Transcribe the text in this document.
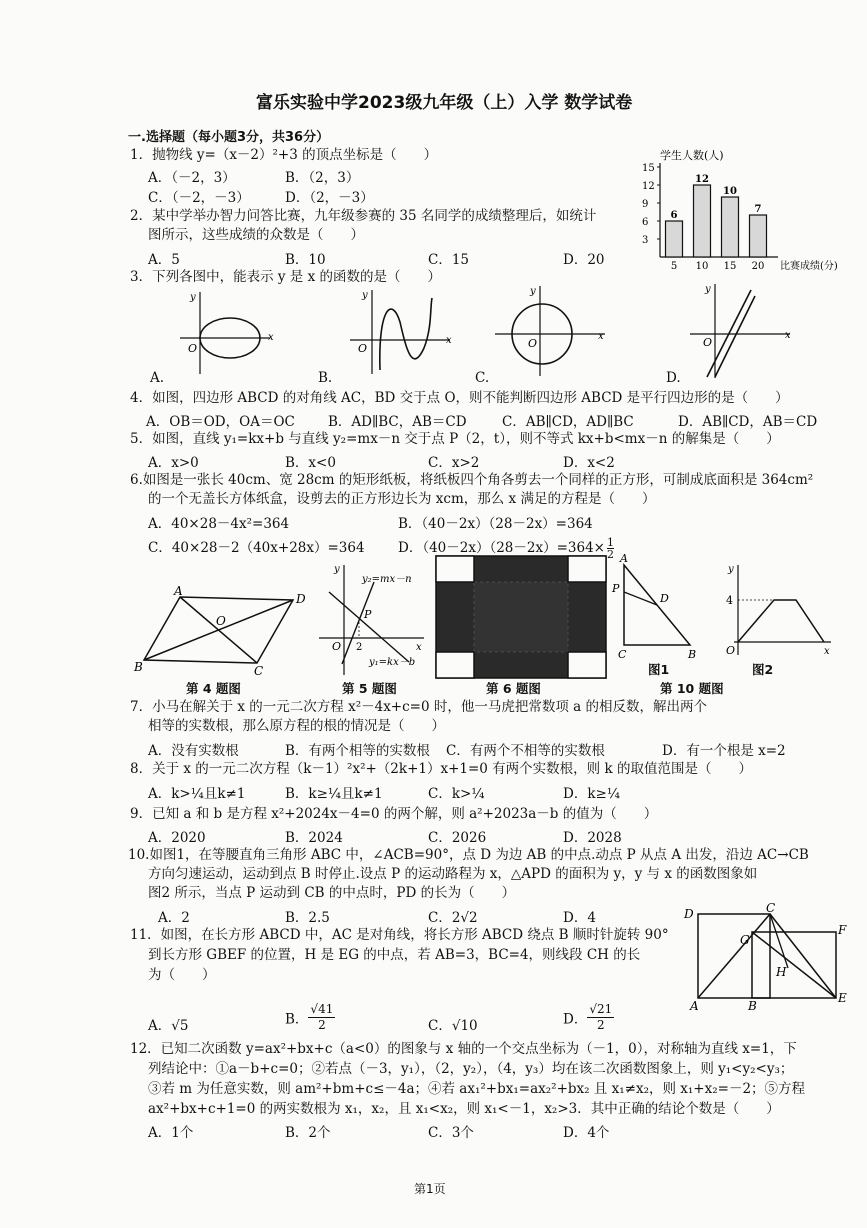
富乐实验中学2023级九年级（上）入学 数学试卷
一.选择题（每小题3分，共36分）
1．抛物线 y=（x－2）²+3 的顶点坐标是（　　）
A．（－2，3）	B．（2，3）
C．（－2，－3）	D．（2，－3）
2．某中学举办智力问答比赛，九年级参赛的 35 名同学的成绩整理后，如统计
图所示，这些成绩的众数是（　　）
A．5	B．10	C．15	D．20
学生人数(人)
比赛成绩(分)
3
6
9
12
15
6
5
12
10
10
15
7
20
3．下列各图中，能表示 y 是 x 的函数的是（　　）
x
y
O
A.
x
y
O
B.
x
y
O
C.
x
y
O
D.
4．如图，四边形 ABCD 的对角线 AC，BD 交于点 O，则不能判断四边形 ABCD 是平行四边形的是（　　）
A．OB＝OD，OA＝OC B．AD∥BC，AB＝CD	C．AB∥CD，AD∥BC	D．AB∥CD，AB＝CD
5．如图，直线 y₁=kx+b 与直线 y₂=mx－n 交于点 P（2，t），则不等式 kx+b<mx－n 的解集是（　　）
A．x>0	B．x<0	C．x>2	D．x<2
6.如图是一张长 40cm、宽 28cm 的矩形纸板，将纸板四个角各剪去一个同样的正方形，可制成底面积是 364cm²
的一个无盖长方体纸盒，设剪去的正方形边长为 xcm，那么 x 满足的方程是（　　）
A．40×28－4x²=364	B．（40－2x）（28－2x）=364
C．40×28－2（40x+28x）=364 D．$(40-2x)(28-2x)=364\times \frac{1}{2}$
A
D
B	C
O
第 4 题图
x
y
y₂=mx－n
y₁=kx－b
P
O 2
第 5 题图	第 6 题图
A
P
D
C	B
图1
x
y
4
O
图2
第 10 题图
7．小马在解关于 x 的一元二次方程 x²－4x+c=0 时，他一马虎把常数项 a 的相反数，解出两个
相等的实数根，那么原方程的根的情况是（　　）
A．没有实数根	B．有两个相等的实数根 C．有两个不相等的实数根	D．有一个根是 x=2
8．关于 x 的一元二次方程（k－1）²x²+（2k+1）x+1=0 有两个实数根，则 k 的取值范围是（　　）
A．k>¼且k≠1	B．k≥¼且k≠1	C．k>¼	D．k≥¼
9．已知 a 和 b 是方程 x²+2024x－4=0 的两个解，则 a²+2023a－b 的值为（　　）
A．2020	B．2024	C．2026	D．2028
10.如图1，在等腰直角三角形 ABC 中，∠ACB=90°，点 D 为边 AB 的中点.动点 P 从点 A 出发，沿边 AC→CB
方向匀速运动，运动到点 B 时停止.设点 P 的运动路程为 x，△APD 的面积为 y，y 与 x 的函数图象如
图2 所示，当点 P 运动到 CB 的中点时，PD 的长为（　　）
A．2	B．2.5	C．2√2	D．4
11．如图，在长方形 ABCD 中，AC 是对角线，将长方形 ABCD 绕点 B 顺时针旋转 90°
到长方形 GBEF 的位置，H 是 EG 的中点，若 AB=3，BC=4，则线段 CH 的长
为（　　）
A．√5	B． $\frac{√41}{2}$	C．√10	D． $\frac{√21}{2}$
D	C
G
F
H
A	B
E
12．已知二次函数 y=ax²+bx+c（a<0）的图象与 x 轴的一个交点坐标为（－1，0），对称轴为直线 x=1，下
列结论中：①a－b+c=0；②若点（－3，y₁），（2，y₂），（4，y₃）均在该二次函数图象上，则 y₁<y₂<y₃；
③若 m 为任意实数，则 am²+bm+c≤－4a；④若 ax₁²+bx₁=ax₂²+bx₂ 且 x₁≠x₂，则 x₁+x₂=－2；⑤方程
ax²+bx+c+1=0 的两实数根为 x₁，x₂，且 x₁<x₂，则 x₁<－1，x₂>3．其中正确的结论个数是（　　）
A．1个	B．2个	C．3个	D．4个
第1页
